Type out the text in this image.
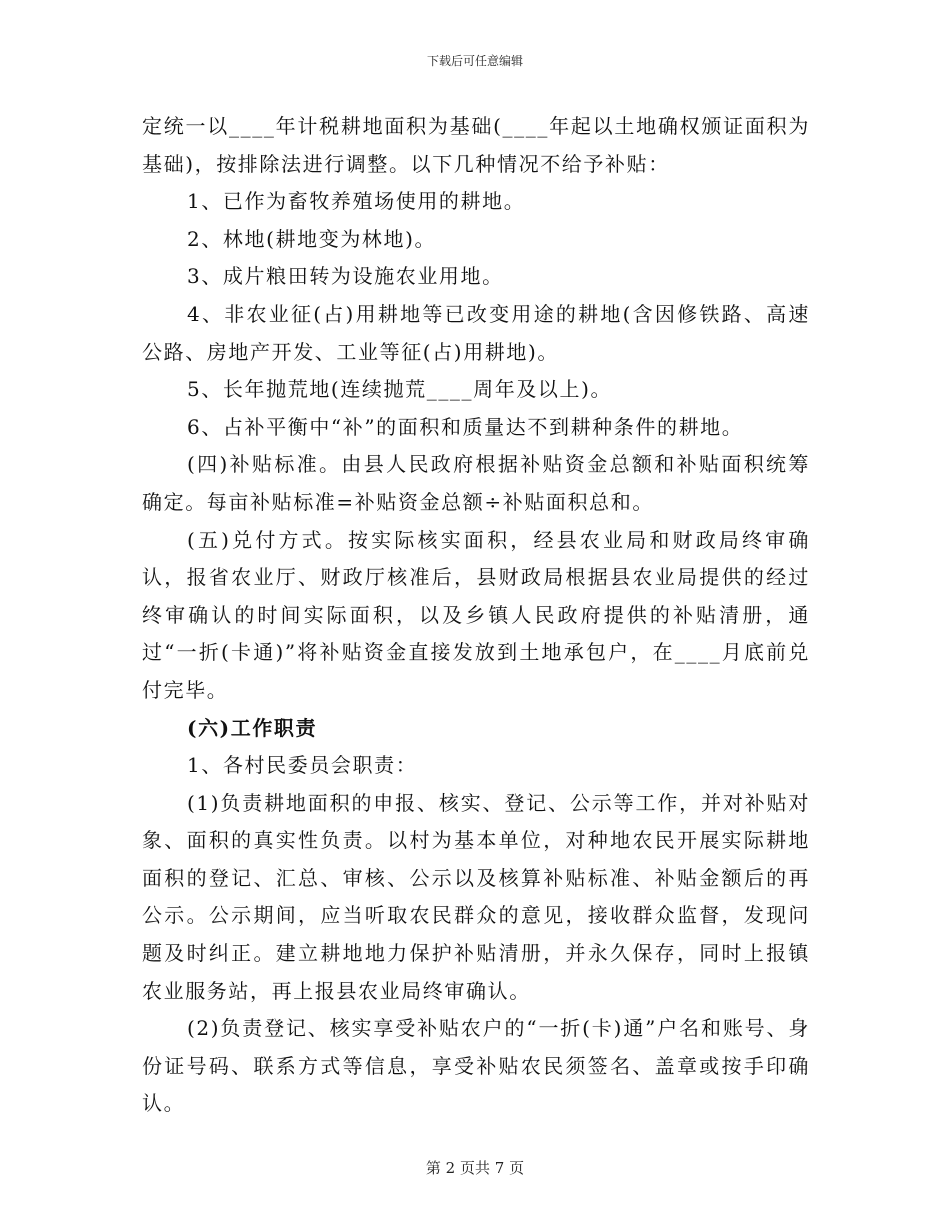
下载后可任意编辑

定统一以____年计税耕地面积为基础(____年起以土地确权颁证面积为基础)，按排除法进行调整。以下几种情况不给予补贴：

1、已作为畜牧养殖场使用的耕地。

2、林地(耕地变为林地)。

3、成片粮田转为设施农业用地。

4、非农业征(占)用耕地等已改变用途的耕地(含因修铁路、高速公路、房地产开发、工业等征(占)用耕地)。

5、长年抛荒地(连续抛荒____周年及以上)。

6、占补平衡中“补”的面积和质量达不到耕种条件的耕地。

(四)补贴标准。由县人民政府根据补贴资金总额和补贴面积统筹确定。每亩补贴标准=补贴资金总额÷补贴面积总和。

(五)兑付方式。按实际核实面积，经县农业局和财政局终审确认，报省农业厅、财政厅核准后，县财政局根据县农业局提供的经过终审确认的时间实际面积，以及乡镇人民政府提供的补贴清册，通过“一折(卡通)”将补贴资金直接发放到土地承包户，在____月底前兑付完毕。

(六)工作职责

1、各村民委员会职责：

(1)负责耕地面积的申报、核实、登记、公示等工作，并对补贴对象、面积的真实性负责。以村为基本单位，对种地农民开展实际耕地面积的登记、汇总、审核、公示以及核算补贴标准、补贴金额后的再公示。公示期间，应当听取农民群众的意见，接收群众监督，发现问题及时纠正。建立耕地地力保护补贴清册，并永久保存，同时上报镇农业服务站，再上报县农业局终审确认。

(2)负责登记、核实享受补贴农户的“一折(卡)通”户名和账号、身份证号码、联系方式等信息，享受补贴农民须签名、盖章或按手印确认。

第 2 页共 7 页
